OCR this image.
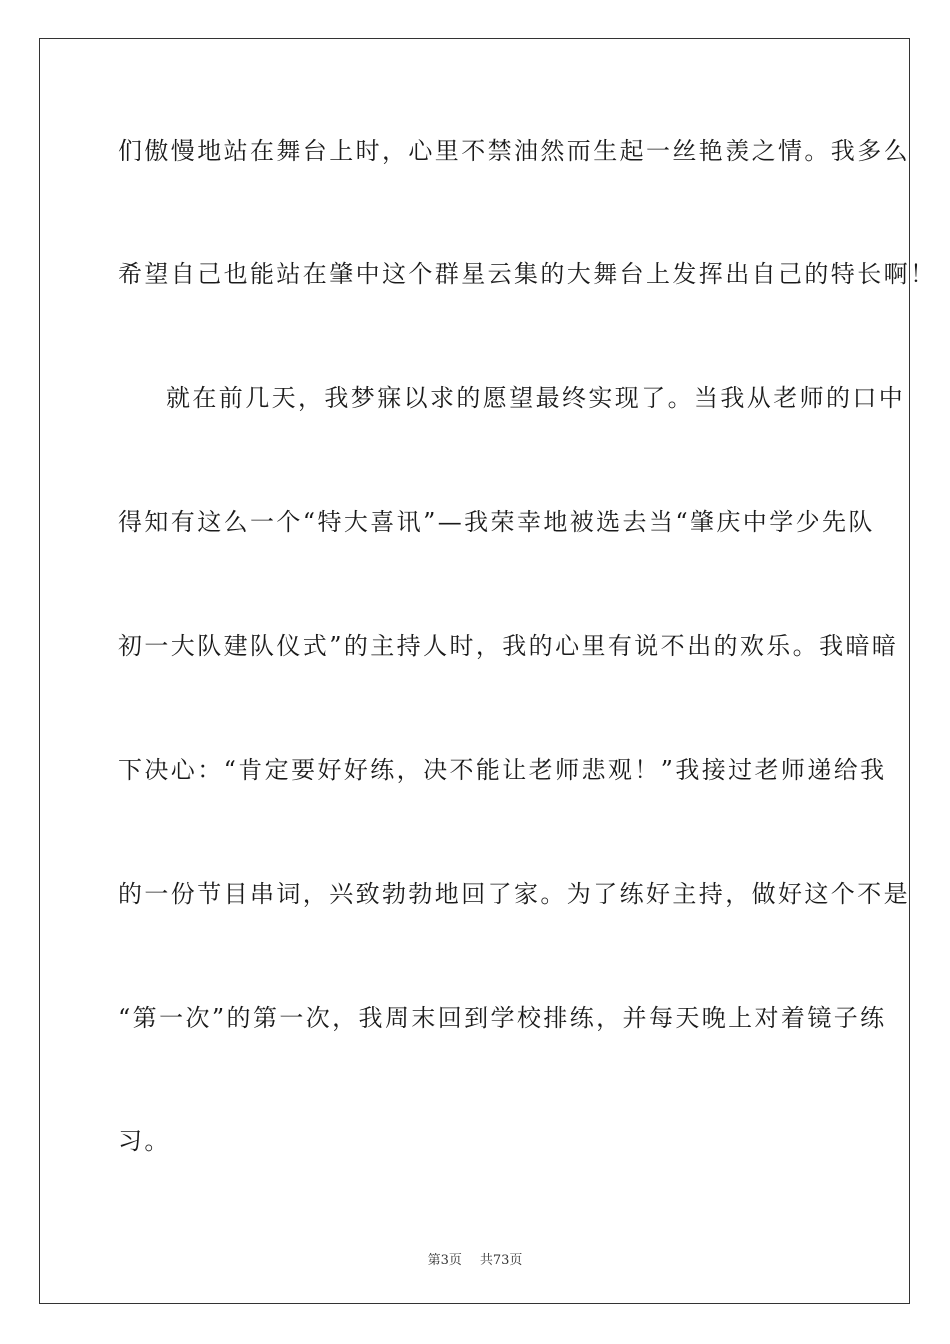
们傲慢地站在舞台上时，心里不禁油然而生起一丝艳羡之情。我多么
希望自己也能站在肇中这个群星云集的大舞台上发挥出自己的特长啊！
就在前几天，我梦寐以求的愿望最终实现了。当我从老师的口中
得知有这么一个“特大喜讯”—我荣幸地被选去当“肇庆中学少先队
初一大队建队仪式”的主持人时，我的心里有说不出的欢乐。我暗暗
下决心：“肯定要好好练，决不能让老师悲观！”我接过老师递给我
的一份节目串词，兴致勃勃地回了家。为了练好主持，做好这个不是
“第一次”的第一次，我周末回到学校排练，并每天晚上对着镜子练
习。
第3页 共73页
